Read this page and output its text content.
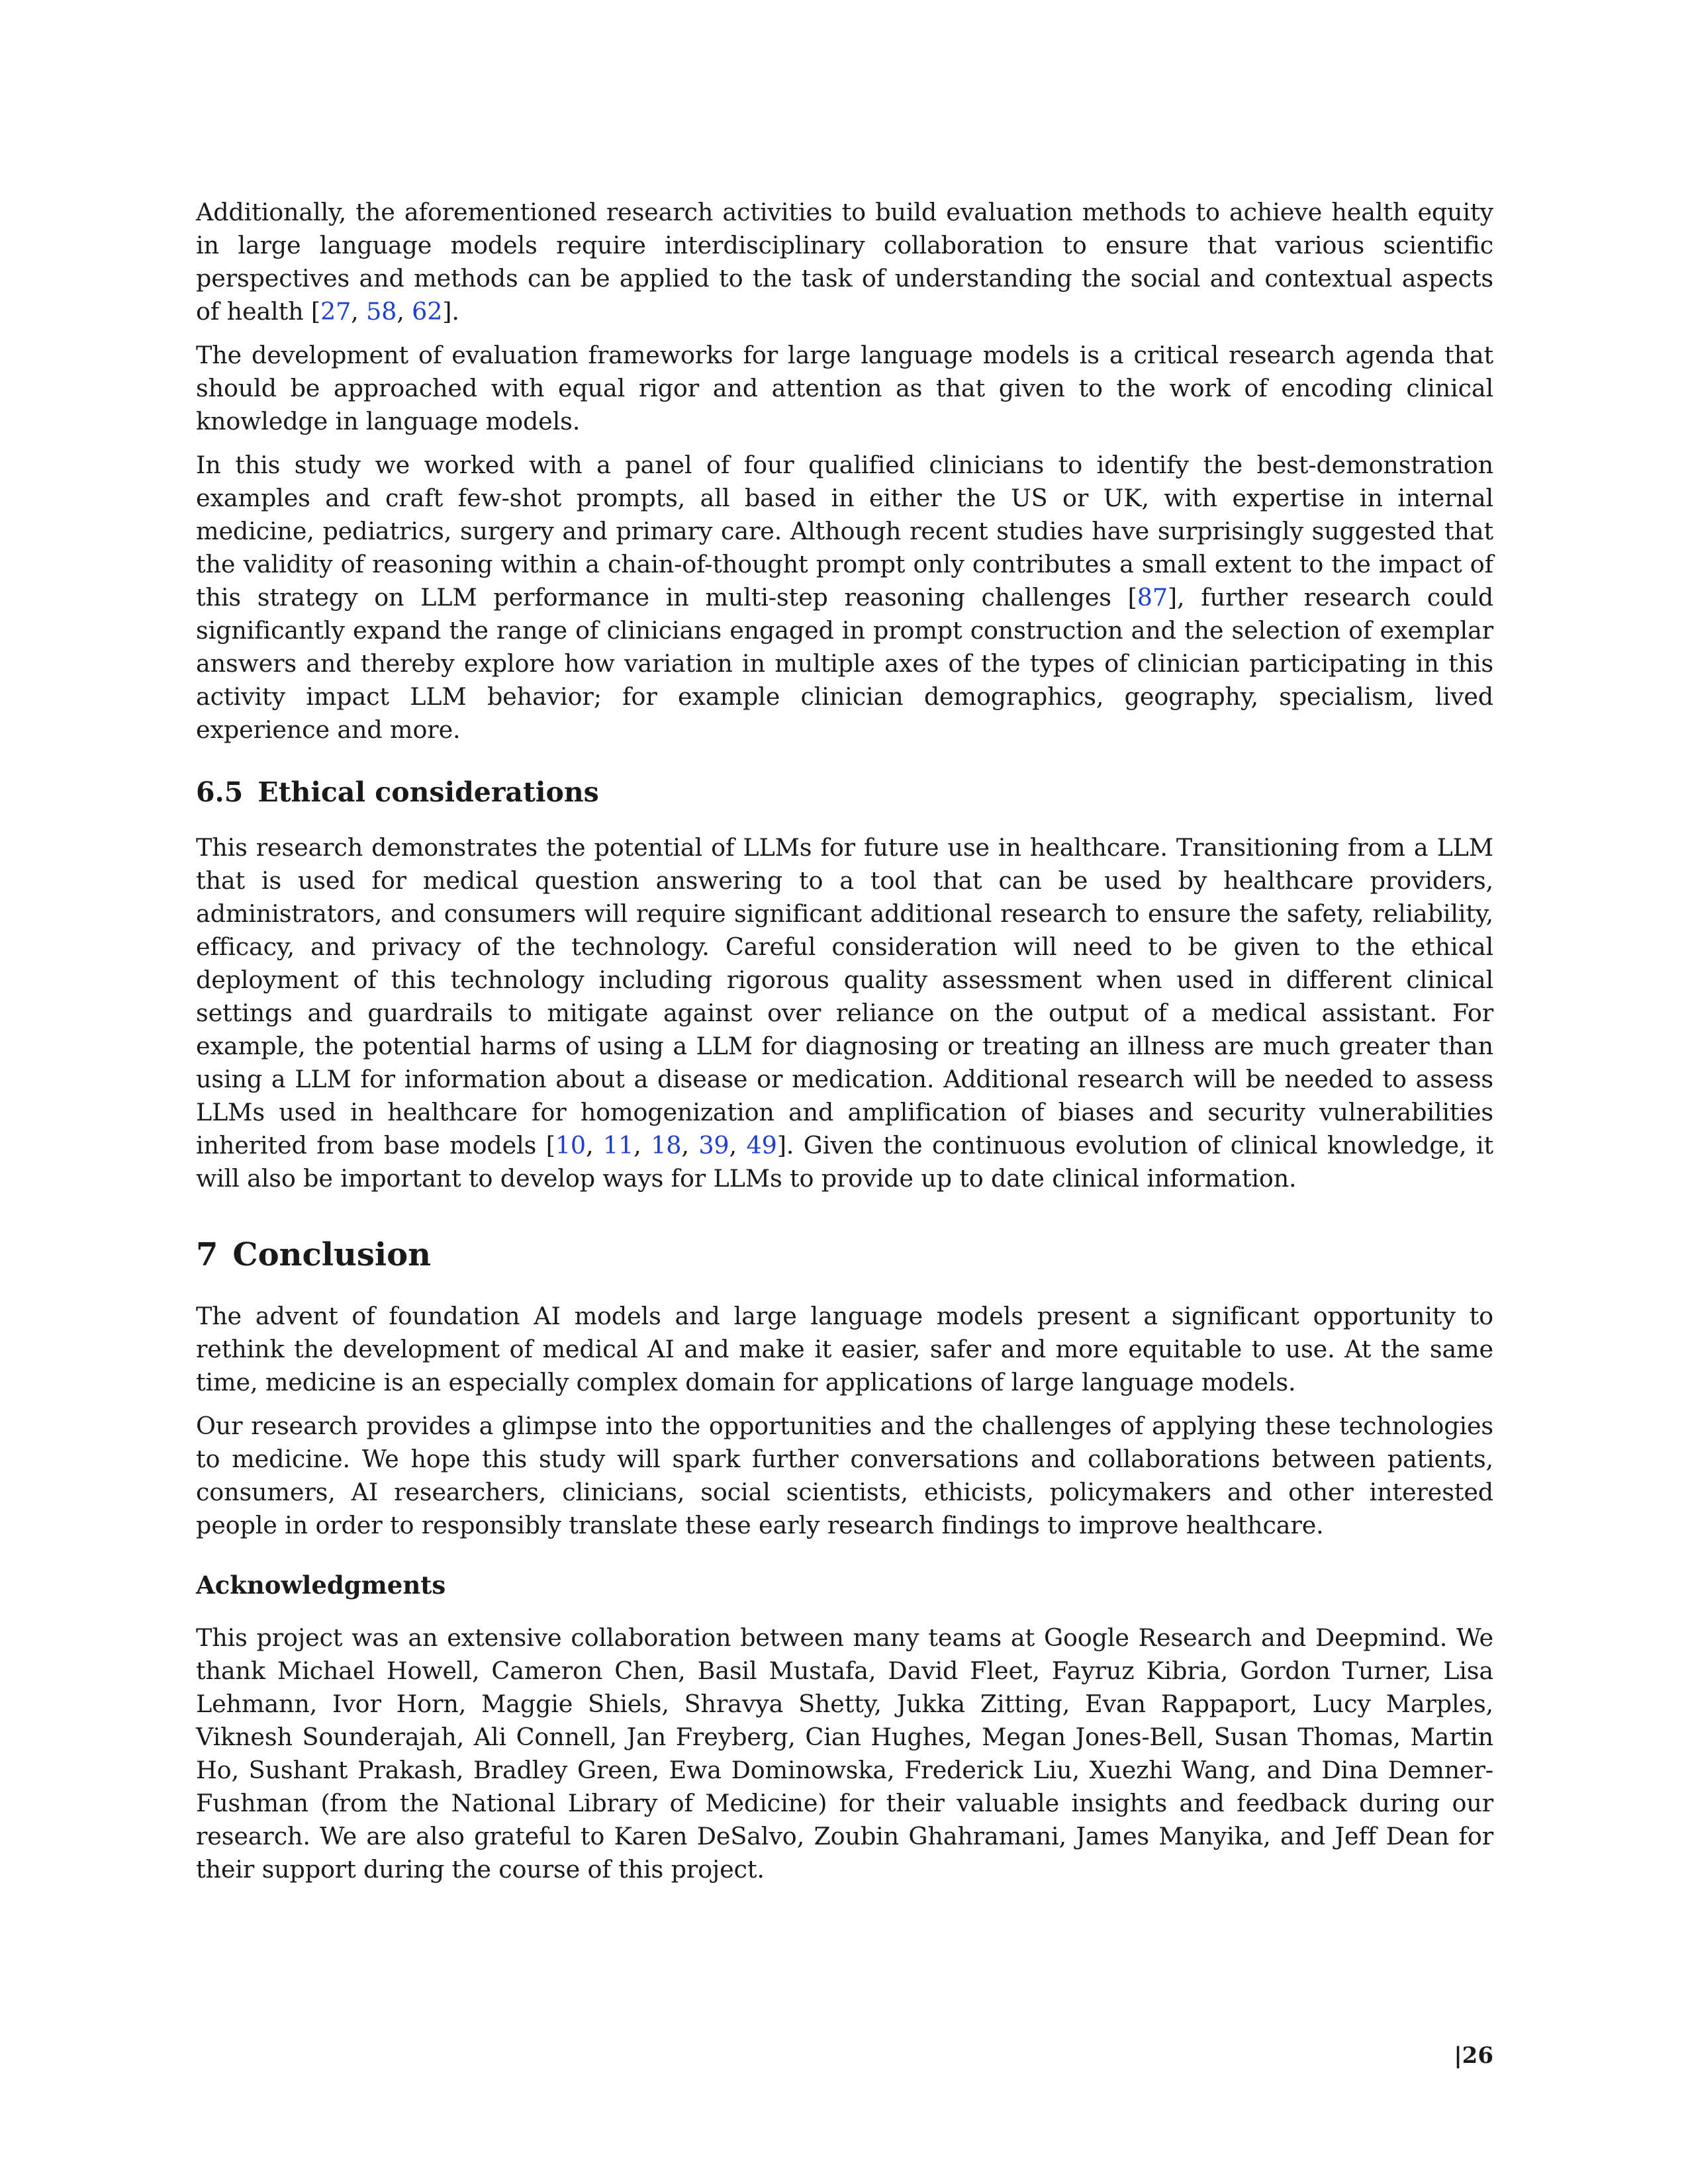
Additionally, the aforementioned research activities to build evaluation methods to achieve health equity in large language models require interdisciplinary collaboration to ensure that various scientific perspectives and methods can be applied to the task of understanding the social and contextual aspects of health [27, 58, 62].

The development of evaluation frameworks for large language models is a critical research agenda that should be approached with equal rigor and attention as that given to the work of encoding clinical knowledge in language models.

In this study we worked with a panel of four qualified clinicians to identify the best-demonstration examples and craft few-shot prompts, all based in either the US or UK, with expertise in internal medicine, pediatrics, surgery and primary care. Although recent studies have surprisingly suggested that the validity of reasoning within a chain-of-thought prompt only contributes a small extent to the impact of this strategy on LLM performance in multi-step reasoning challenges [87], further research could significantly expand the range of clinicians engaged in prompt construction and the selection of exemplar answers and thereby explore how variation in multiple axes of the types of clinician participating in this activity impact LLM behavior; for example clinician demographics, geography, specialism, lived experience and more.

6.5 Ethical considerations

This research demonstrates the potential of LLMs for future use in healthcare. Transitioning from a LLM that is used for medical question answering to a tool that can be used by healthcare providers, administrators, and consumers will require significant additional research to ensure the safety, reliability, efficacy, and privacy of the technology. Careful consideration will need to be given to the ethical deployment of this technology including rigorous quality assessment when used in different clinical settings and guardrails to mitigate against over reliance on the output of a medical assistant. For example, the potential harms of using a LLM for diagnosing or treating an illness are much greater than using a LLM for information about a disease or medication. Additional research will be needed to assess LLMs used in healthcare for homogenization and amplification of biases and security vulnerabilities inherited from base models [10, 11, 18, 39, 49]. Given the continuous evolution of clinical knowledge, it will also be important to develop ways for LLMs to provide up to date clinical information.

7 Conclusion

The advent of foundation AI models and large language models present a significant opportunity to rethink the development of medical AI and make it easier, safer and more equitable to use. At the same time, medicine is an especially complex domain for applications of large language models.

Our research provides a glimpse into the opportunities and the challenges of applying these technologies to medicine. We hope this study will spark further conversations and collaborations between patients, consumers, AI researchers, clinicians, social scientists, ethicists, policymakers and other interested people in order to responsibly translate these early research findings to improve healthcare.

Acknowledgments

This project was an extensive collaboration between many teams at Google Research and Deepmind. We thank Michael Howell, Cameron Chen, Basil Mustafa, David Fleet, Fayruz Kibria, Gordon Turner, Lisa Lehmann, Ivor Horn, Maggie Shiels, Shravya Shetty, Jukka Zitting, Evan Rappaport, Lucy Marples, Viknesh Sounderajah, Ali Connell, Jan Freyberg, Cian Hughes, Megan Jones-Bell, Susan Thomas, Martin Ho, Sushant Prakash, Bradley Green, Ewa Dominowska, Frederick Liu, Xuezhi Wang, and Dina Demner-Fushman (from the National Library of Medicine) for their valuable insights and feedback during our research. We are also grateful to Karen DeSalvo, Zoubin Ghahramani, James Manyika, and Jeff Dean for their support during the course of this project.

|26
